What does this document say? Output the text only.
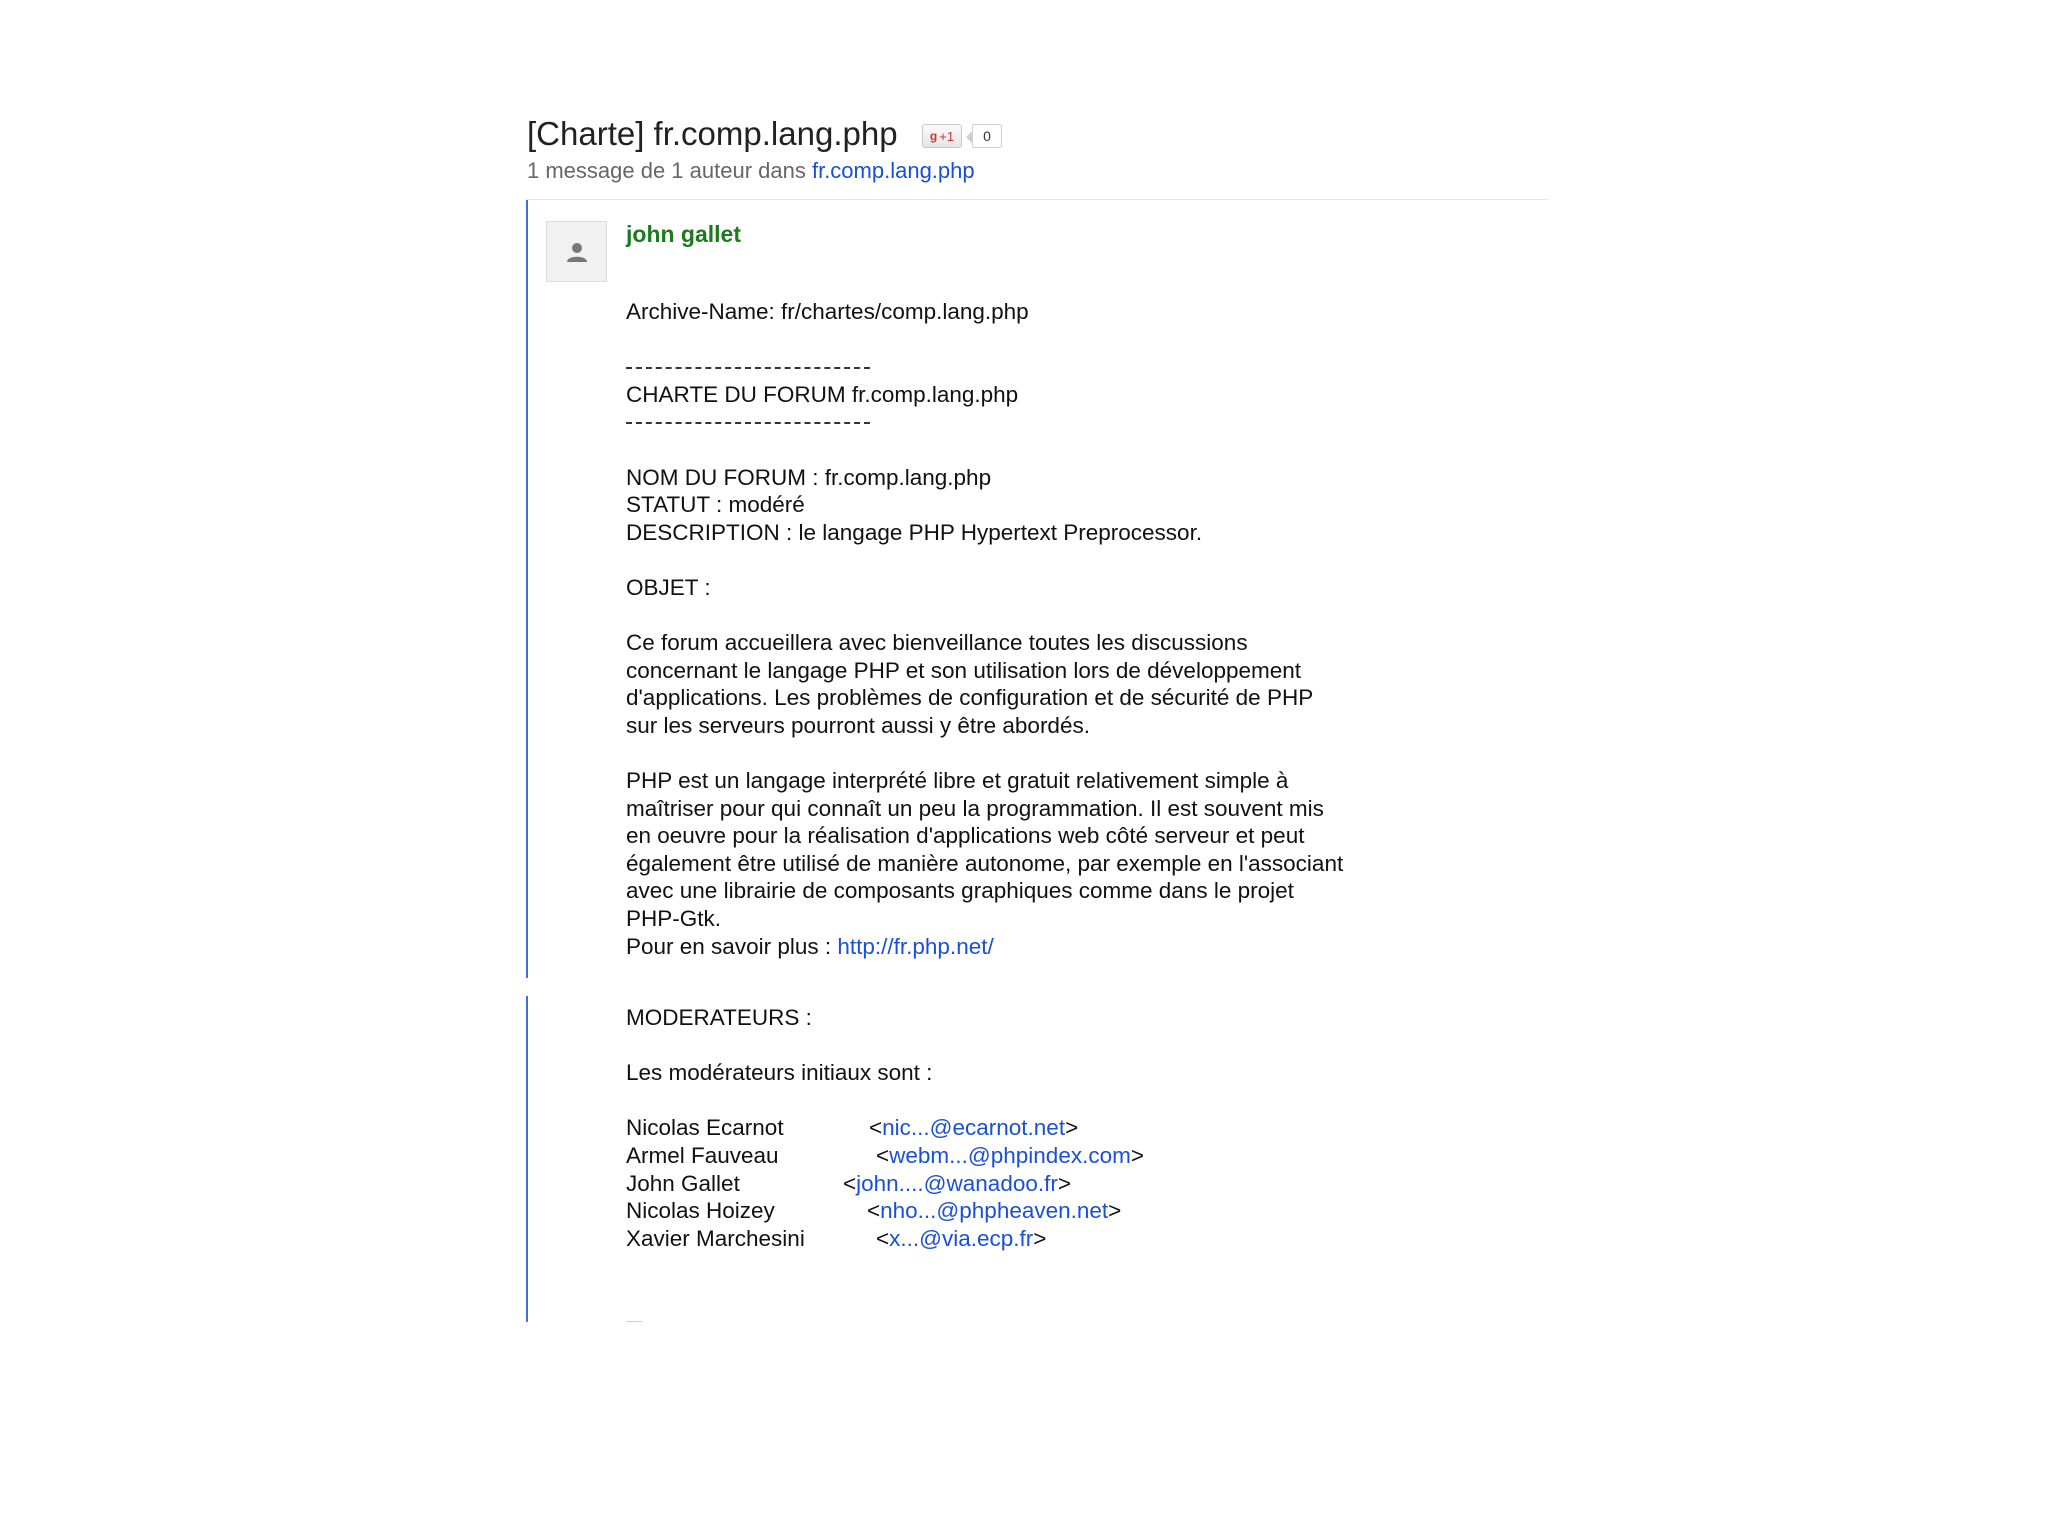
[Charte] fr.comp.lang.php	g +1	0
1 message de 1 auteur dans fr.comp.lang.php
john gallet
Archive-Name: fr/chartes/comp.lang.php
CHARTE DU FORUM fr.comp.lang.php
NOM DU FORUM : fr.comp.lang.php
STATUT : modéré
DESCRIPTION : le langage PHP Hypertext Preprocessor.
OBJET :
Ce forum accueillera avec bienveillance toutes les discussions
concernant le langage PHP et son utilisation lors de développement
d'applications. Les problèmes de configuration et de sécurité de PHP
sur les serveurs pourront aussi y être abordés.
PHP est un langage interprété libre et gratuit relativement simple à
maîtriser pour qui connaît un peu la programmation. Il est souvent mis
en oeuvre pour la réalisation d'applications web côté serveur et peut
également être utilisé de manière autonome, par exemple en l'associant
avec une librairie de composants graphiques comme dans le projet
PHP-Gtk.
Pour en savoir plus : http://fr.php.net/
MODERATEURS :
Les modérateurs initiaux sont :
Nicolas Ecarnot	<nic...@ecarnot.net>
Armel Fauveau	<webm...@phpindex.com>
John Gallet	<john....@wanadoo.fr>
Nicolas Hoizey	<nho...@phpheaven.net>
Xavier Marchesini	<x...@via.ecp.fr>
